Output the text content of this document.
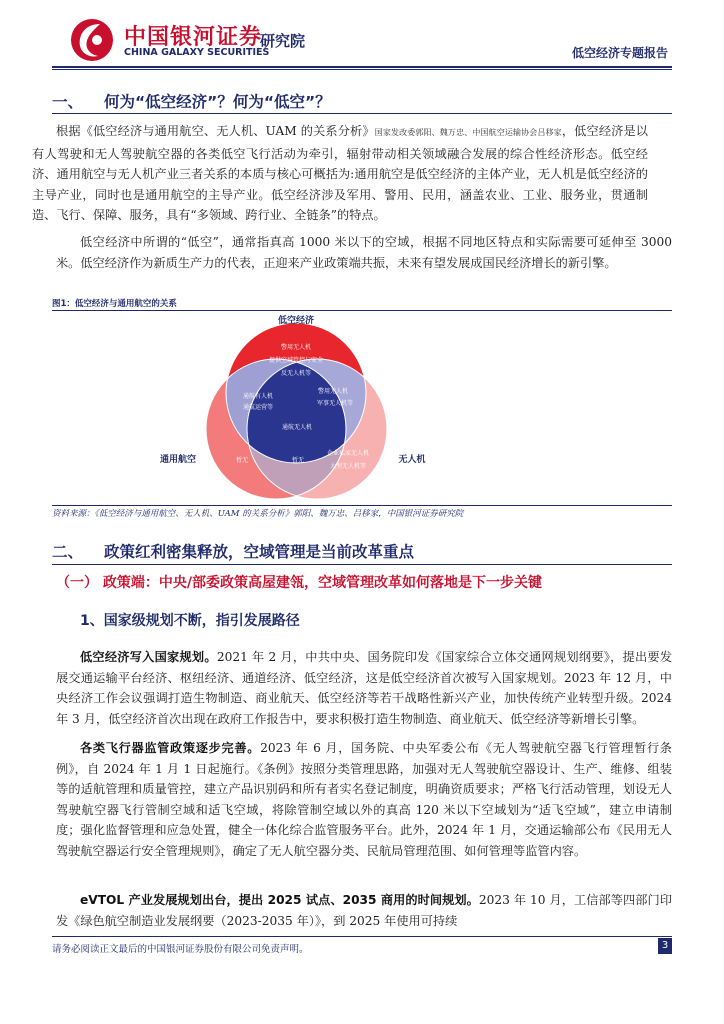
中国银河证券
CHINA GALAXY SECURITIES
研究院
低空经济专题报告
一、 何为“低空经济”？何为“低空”？
根据《低空经济与通用航空、无人机、UAM 的关系分析》国家发改委郭阳、魏万忠、中国航空运输协会吕移家，低空经济是以有人驾驶和无人驾驶航空器的各类低空飞行活动为牵引，辐射带动相关领域融合发展的综合性经济形态。低空经济、通用航空与无人机产业三者关系的本质与核心可概括为:通用航空是低空经济的主体产业，无人机是低空经济的主导产业，同时也是通用航空的主导产业。低空经济涉及军用、警用、民用，涵盖农业、工业、服务业，贯通制造、飞行、保障、服务，具有“多领域、跨行业、全链条”的特点。
低空经济中所谓的“低空”，通常指真高 1000 米以下的空域，根据不同地区特点和实际需要可延伸至 3000 米。低空经济作为新质生产力的代表，正迎来产业政策端共振，未来有望发展成国民经济增长的新引擎。
图1：低空经济与通用航空的关系
低空经济
通用航空	无人机
警用无人机
提供空域管控与安全
反无人机等
通航有人机
通航运营等
警用无人机
军事无人机等
通航无人机
暂无	暂无
企业私家无人机
大型无人机等
资料来源：《低空经济与通用航空、无人机、UAM 的关系分析》郭阳、魏万忠、吕移家，中国银河证券研究院
二、 政策红利密集释放，空域管理是当前改革重点
（一） 政策端：中央/部委政策高屋建瓴，空域管理改革如何落地是下一步关键
1、国家级规划不断，指引发展路径
低空经济写入国家规划。2021 年 2 月，中共中央、国务院印发《国家综合立体交通网规划纲要》，提出要发展交通运输平台经济、枢纽经济、通道经济、低空经济，这是低空经济首次被写入国家规划。2023 年 12 月，中央经济工作会议强调打造生物制造、商业航天、低空经济等若干战略性新兴产业，加快传统产业转型升级。2024 年 3 月，低空经济首次出现在政府工作报告中，要求积极打造生物制造、商业航天、低空经济等新增长引擎。
各类飞行器监管政策逐步完善。2023 年 6 月，国务院、中央军委公布《无人驾驶航空器飞行管理暂行条例》，自 2024 年 1 月 1 日起施行。《条例》按照分类管理思路，加强对无人驾驶航空器设计、生产、维修、组装等的适航管理和质量管控，建立产品识别码和所有者实名登记制度，明确资质要求；严格飞行活动管理，划设无人驾驶航空器飞行管制空域和适飞空域，将除管制空域以外的真高 120 米以下空域划为“适飞空域”，建立申请制度；强化监督管理和应急处置，健全一体化综合监管服务平台。此外，2024 年 1 月，交通运输部公布《民用无人驾驶航空器运行安全管理规则》，确定了无人航空器分类、民航局管理范围、如何管理等监管内容。
eVTOL 产业发展规划出台，提出 2025 试点、2035 商用的时间规划。2023 年 10 月，工信部等四部门印发《绿色航空制造业发展纲要（2023-2035 年）》，到 2025 年使用可持续
请务必阅读正文最后的中国银河证券股份有限公司免责声明。	3
